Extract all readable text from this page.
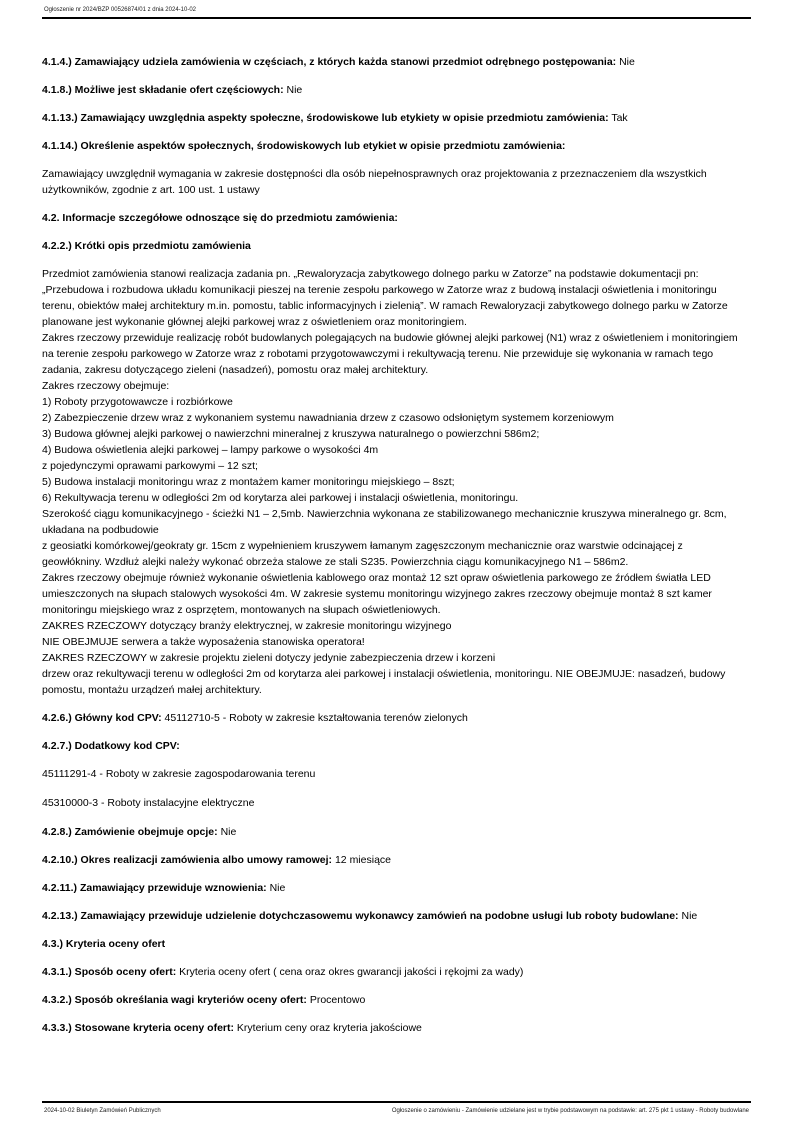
Ogłoszenie nr 2024/BZP 00526874/01 z dnia 2024-10-02

4.1.4.) Zamawiający udziela zamówienia w częściach, z których każda stanowi przedmiot odrębnego postępowania: Nie

4.1.8.) Możliwe jest składanie ofert częściowych: Nie

4.1.13.) Zamawiający uwzględnia aspekty społeczne, środowiskowe lub etykiety w opisie przedmiotu zamówienia: Tak

4.1.14.) Określenie aspektów społecznych, środowiskowych lub etykiet w opisie przedmiotu zamówienia:

Zamawiający uwzględnił wymagania w zakresie dostępności dla osób niepełnosprawnych oraz projektowania z przeznaczeniem dla wszystkich użytkowników, zgodnie z art. 100 ust. 1 ustawy

4.2. Informacje szczegółowe odnoszące się do przedmiotu zamówienia:

4.2.2.) Krótki opis przedmiotu zamówienia

Przedmiot zamówienia stanowi realizacja zadania pn. „Rewaloryzacja zabytkowego dolnego parku w Zatorze” na podstawie dokumentacji pn: „Przebudowa i rozbudowa układu komunikacji pieszej na terenie zespołu parkowego w Zatorze wraz z budową instalacji oświetlenia i monitoringu terenu, obiektów małej architektury m.in. pomostu, tablic informacyjnych i zielenią”. W ramach Rewaloryzacji zabytkowego dolnego parku w Zatorze planowane jest wykonanie głównej alejki parkowej wraz z oświetleniem oraz monitoringiem.
Zakres rzeczowy przewiduje realizację robót budowlanych polegających na budowie głównej alejki parkowej (N1) wraz z oświetleniem i monitoringiem na terenie zespołu parkowego w Zatorze wraz z robotami przygotowawczymi i rekultywacją terenu. Nie przewiduje się wykonania w ramach tego zadania, zakresu dotyczącego zieleni (nasadzeń), pomostu oraz małej architektury.
Zakres rzeczowy obejmuje:
1) Roboty przygotowawcze i rozbiórkowe
2) Zabezpieczenie drzew wraz z wykonaniem systemu nawadniania drzew z czasowo odsłoniętym systemem korzeniowym
3) Budowa głównej alejki parkowej o nawierzchni mineralnej z kruszywa naturalnego o powierzchni 586m2;
4) Budowa oświetlenia alejki parkowej – lampy parkowe o wysokości 4m
z pojedynczymi oprawami parkowymi – 12 szt;
5) Budowa instalacji monitoringu wraz z montażem kamer monitoringu miejskiego – 8szt;
6) Rekultywacja terenu w odległości 2m od korytarza alei parkowej i instalacji oświetlenia, monitoringu.
Szerokość ciągu komunikacyjnego - ścieżki N1 – 2,5mb. Nawierzchnia wykonana ze stabilizowanego mechanicznie kruszywa mineralnego gr. 8cm, układana na podbudowie
z geosiatki komórkowej/geokraty gr. 15cm z wypełnieniem kruszywem łamanym zagęszczonym mechanicznie oraz warstwie odcinającej z geowłókniny. Wzdłuż alejki należy wykonać obrzeża stalowe ze stali S235. Powierzchnia ciągu komunikacyjnego N1 – 586m2.
Zakres rzeczowy obejmuje również wykonanie oświetlenia kablowego oraz montaż 12 szt opraw oświetlenia parkowego ze źródłem światła LED umieszczonych na słupach stalowych wysokości 4m. W zakresie systemu monitoringu wizyjnego zakres rzeczowy obejmuje montaż 8 szt kamer monitoringu miejskiego wraz z osprzętem, montowanych na słupach oświetleniowych.
ZAKRES RZECZOWY dotyczący branży elektrycznej, w zakresie monitoringu wizyjnego
NIE OBEJMUJE serwera a także wyposażenia stanowiska operatora!
ZAKRES RZECZOWY w zakresie projektu zieleni dotyczy jedynie zabezpieczenia drzew i korzeni
drzew oraz rekultywacji terenu w odległości 2m od korytarza alei parkowej i instalacji oświetlenia, monitoringu. NIE OBEJMUJE: nasadzeń, budowy pomostu, montażu urządzeń małej architektury.

4.2.6.) Główny kod CPV: 45112710-5 - Roboty w zakresie kształtowania terenów zielonych

4.2.7.) Dodatkowy kod CPV:

45111291-4 - Roboty w zakresie zagospodarowania terenu
45310000-3 - Roboty instalacyjne elektryczne

4.2.8.) Zamówienie obejmuje opcje: Nie

4.2.10.) Okres realizacji zamówienia albo umowy ramowej: 12 miesiące

4.2.11.) Zamawiający przewiduje wznowienia: Nie

4.2.13.) Zamawiający przewiduje udzielenie dotychczasowemu wykonawcy zamówień na podobne usługi lub roboty budowlane: Nie

4.3.) Kryteria oceny ofert

4.3.1.) Sposób oceny ofert: Kryteria oceny ofert ( cena oraz okres gwarancji jakości i rękojmi za wady)

4.3.2.) Sposób określania wagi kryteriów oceny ofert: Procentowo

4.3.3.) Stosowane kryteria oceny ofert: Kryterium ceny oraz kryteria jakościowe

2024-10-02 Biuletyn Zamówień Publicznych	Ogłoszenie o zamówieniu - Zamówienie udzielane jest w trybie podstawowym na podstawie: art. 275 pkt 1 ustawy - Roboty budowlane
